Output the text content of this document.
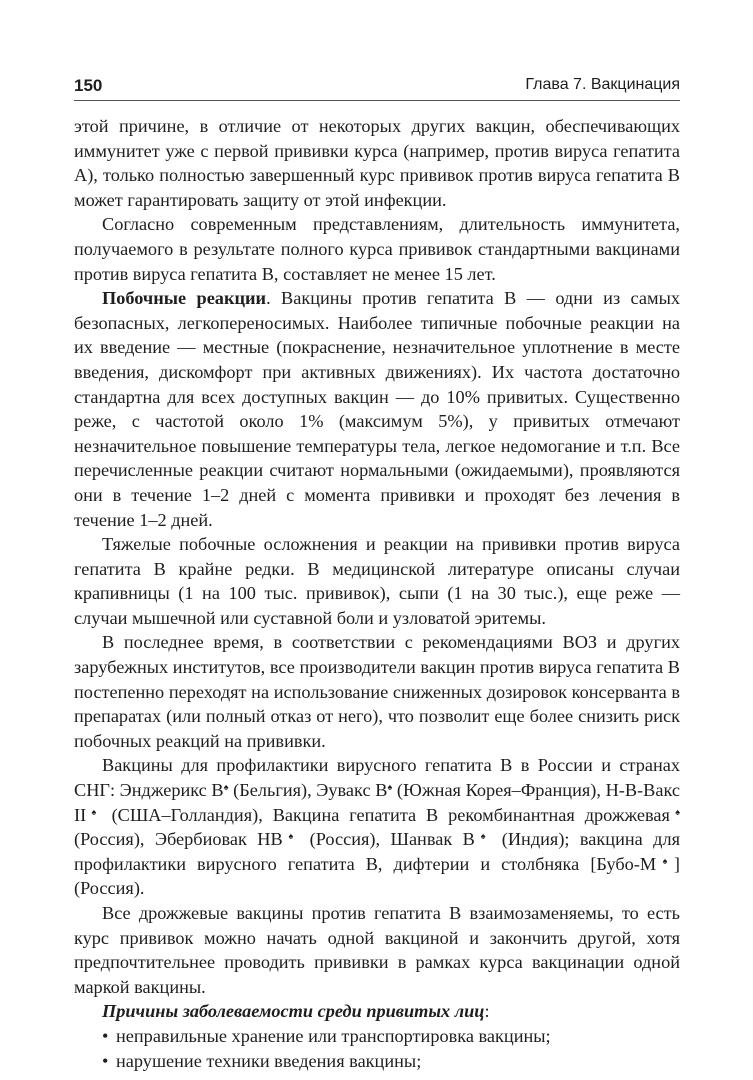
150	Глава 7. Вакцинация

этой причине, в отличие от некоторых других вакцин, обеспечивающих иммунитет уже с первой прививки курса (например, против вируса гепатита А), только полностью завершенный курс прививок против вируса гепатита В может гарантировать защиту от этой инфекции.

Согласно современным представлениям, длительность иммунитета, получаемого в результате полного курса прививок стандартными вакцинами против вируса гепатита В, составляет не менее 15 лет.

Побочные реакции. Вакцины против гепатита В — одни из самых безопасных, легкопереносимых. Наиболее типичные побочные реакции на их введение — местные (покраснение, незначительное уплотнение в месте введения, дискомфорт при активных движениях). Их частота достаточно стандартна для всех доступных вакцин — до 10% привитых. Существенно реже, с частотой около 1% (максимум 5%), у привитых отмечают незначительное повышение температуры тела, легкое недомогание и т.п. Все перечисленные реакции считают нормальными (ожидаемыми), проявляются они в течение 1–2 дней с момента прививки и проходят без лечения в течение 1–2 дней.

Тяжелые побочные осложнения и реакции на прививки против вируса гепатита В крайне редки. В медицинской литературе описаны случаи крапивницы (1 на 100 тыс. прививок), сыпи (1 на 30 тыс.), еще реже — случаи мышечной или суставной боли и узловатой эритемы.

В последнее время, в соответствии с рекомендациями ВОЗ и других зарубежных институтов, все производители вакцин против вируса гепатита В постепенно переходят на использование сниженных дозировок консерванта в препаратах (или полный отказ от него), что позволит еще более снизить риск побочных реакций на прививки.

Вакцины для профилактики вирусного гепатита В в России и странах СНГ: Энджерикс В♠ (Бельгия), Эувакс В♠ (Южная Корея–Франция), Н-В-Вакс II♠ (США–Голландия), Вакцина гепатита В рекомбинантная дрожжевая♠ (Россия), Эбербиовак НВ♠ (Россия), Шанвак В♠ (Индия); вакцина для профилактики вирусного гепатита В, дифтерии и столбняка [Бубо-М♠] (Россия).

Все дрожжевые вакцины против гепатита В взаимозаменяемы, то есть курс прививок можно начать одной вакциной и закончить другой, хотя предпочтительнее проводить прививки в рамках курса вакцинации одной маркой вакцины.

Причины заболеваемости среди привитых лиц:

• неправильные хранение или транспортировка вакцины;
• нарушение техники введения вакцины;
